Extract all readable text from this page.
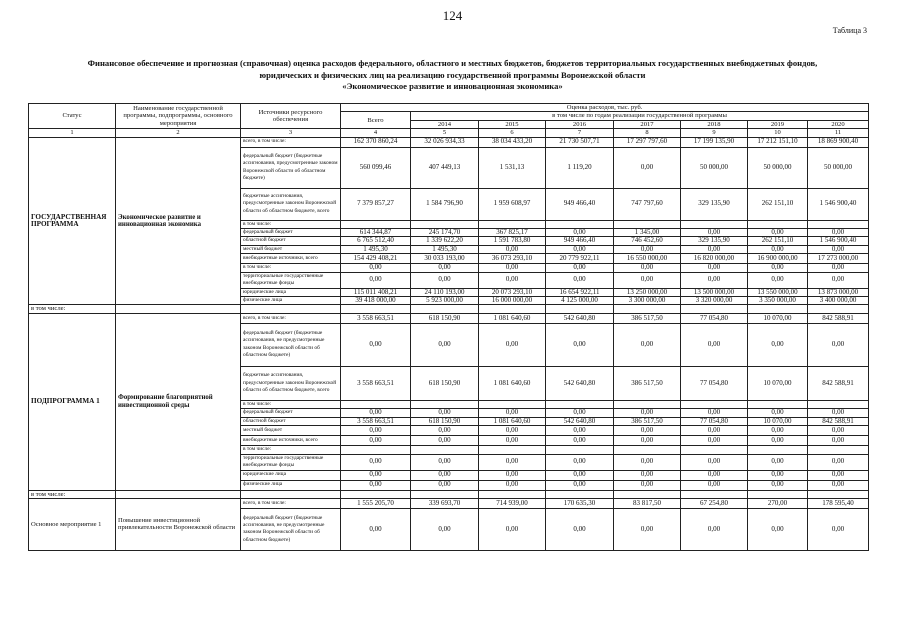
124
Таблица 3
Финансовое обеспечение и прогнозная (справочная) оценка расходов федерального, областного и местных бюджетов, бюджетов территориальных государственных внебюджетных фондов,
юридических и физических лиц на реализацию государственной программы Воронежской области
«Экономическое развитие и инновационная экономика»
Статус	Наименование государственной программы, подпрограммы, основного мероприятия	Источники ресурсного обеспечения	Оценка расходов, тыс. руб.							
			Всего	в том числе по годам реализации государственной программы						
				2014	2015	2016	2017	2018	2019	2020
1	2	3	4	5	6	7	8	9	10	11
ГОСУДАРСТВЕННАЯ ПРОГРАММА	Экономическое развитие и инновационная экономика	всего, в том числе:	162 370 860,24	32 026 934,33	38 034 433,20	21 730 507,71	17 297 797,60	17 199 135,90	17 212 151,10	18 869 900,40
		федеральный бюджет (бюджетные ассигнования, предусмотренные законом Воронежской области об областном бюджете)	560 099,46	407 449,13	1 531,13	1 119,20	0,00	50 000,00	50 000,00	50 000,00
		бюджетные ассигнования, предусмотренные законом Воронежской области об областном бюджете, всего	7 379 857,27	1 584 796,90	1 959 608,97	949 466,40	747 797,60	329 135,90	262 151,10	1 546 900,40
		в том числе:								
		федеральный бюджет	614 344,87	245 174,70	367 825,17	0,00	1 345,00	0,00	0,00	0,00
		областной бюджет	6 765 512,40	1 339 622,20	1 591 783,80	949 466,40	746 452,60	329 135,90	262 151,10	1 546 900,40
		местный бюджет	1 495,30	1 495,30	0,00	0,00	0,00	0,00	0,00	0,00
		внебюджетные источники, всего	154 429 408,21	30 033 193,00	36 073 293,10	20 779 922,11	16 550 000,00	16 820 000,00	16 900 000,00	17 273 000,00
		в том числе:	0,00	0,00	0,00	0,00	0,00	0,00	0,00	0,00
		территориальные государственные внебюджетные фонды	0,00	0,00	0,00	0,00	0,00	0,00	0,00	0,00
		юридические лица	115 011 408,21	24 110 193,00	20 073 293,10	16 654 922,11	13 250 000,00	13 500 000,00	13 550 000,00	13 873 000,00
		физические лица	39 418 000,00	5 923 000,00	16 000 000,00	4 125 000,00	3 300 000,00	3 320 000,00	3 350 000,00	3 400 000,00
в том числе:										
ПОДПРОГРАММА 1	Формирование благоприятной инвестиционной среды	всего, в том числе:	3 558 663,51	618 150,90	1 081 640,60	542 640,80	386 517,50	77 054,80	10 070,00	842 588,91
		федеральный бюджет (бюджетные ассигнования, не предусмотренные законом Воронежской области об областном бюджете)	0,00	0,00	0,00	0,00	0,00	0,00	0,00	0,00
		бюджетные ассигнования, предусмотренные законом Воронежской области об областном бюджете, всего	3 558 663,51	618 150,90	1 081 640,60	542 640,80	386 517,50	77 054,80	10 070,00	842 588,91
		в том числе:								
		федеральный бюджет	0,00	0,00	0,00	0,00	0,00	0,00	0,00	0,00
		областной бюджет	3 558 663,51	618 150,90	1 081 640,60	542 640,80	386 517,50	77 054,80	10 070,00	842 588,91
		местный бюджет	0,00	0,00	0,00	0,00	0,00	0,00	0,00	0,00
		внебюджетные источники, всего	0,00	0,00	0,00	0,00	0,00	0,00	0,00	0,00
		в том числе:								
		территориальные государственные внебюджетные фонды	0,00	0,00	0,00	0,00	0,00	0,00	0,00	0,00
		юридические лица	0,00	0,00	0,00	0,00	0,00	0,00	0,00	0,00
		физические лица	0,00	0,00	0,00	0,00	0,00	0,00	0,00	0,00
в том числе:										
Основное мероприятие 1	Повышение инвестиционной привлекательности Воронежской области	всего, в том числе:	1 555 205,70	339 693,70	714 939,00	170 635,30	83 817,50	67 254,80	270,00	178 595,40
		федеральный бюджет (бюджетные ассигнования, не предусмотренные законом Воронежской области об областном бюджете)	0,00	0,00	0,00	0,00	0,00	0,00	0,00	0,00
